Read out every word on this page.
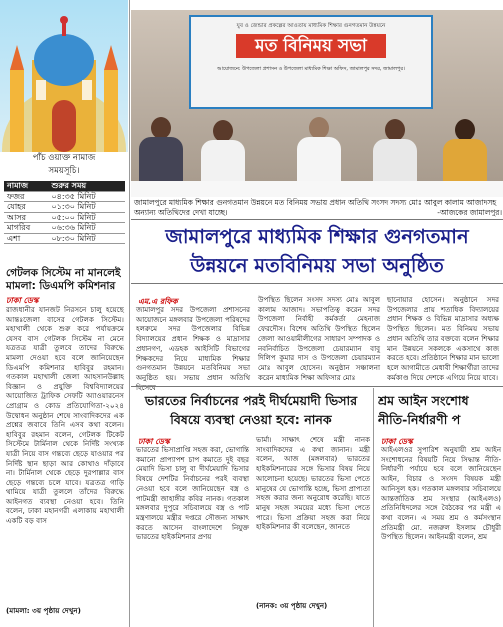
পাঁচ ওয়াক্ত নামাজ
সময়সূচি।
নামাজ	শুরুর সময়
ফজর	০৪:৩৫ মিনিট
যোহর	০১:৩০ মিনিট
আসর	০৫:০০ মিনিট
মাগরিব	০৬:৩৬ মিনিট
এশা	০৮:৩০ মিনিট
গেটলক সিস্টেম না মানলেই মামলা: ডিএমপি কমিশনার
ঢাকা ডেস্ক
রাজধানীর যানজট নিরসনে চালু হয়েছে আন্তঃজেলা বাসের গেটলক সিস্টেম। মহাখালী থেকে শুরু করে পর্যায়ক্রমে যেসব বাস গেটলক সিস্টেম না মেনে যত্রতত্র যাত্রী তুলবে তাদের বিরুদ্ধে মামলা দেওয়া হবে বলে জানিয়েছেন ডিএমপি কমিশনার হাবিবুর রহমান। গতকাল মহাখালী জেলা আহসানউল্লাহ বিজ্ঞান ও প্রযুক্তি বিশ্ববিদ্যালয়ের আয়োজিত ট্রাফিক সেফটি অ্যাওয়ারনেস প্রোগ্রাম ও কোড প্রতিযোগিতা-২০২৪ উদ্বোধন অনুষ্ঠান শেষে সাংবাদিকদের এক প্রশ্নের জবাবে তিনি এসব কথা বলেন। হাবিবুর রহমান বলেন, গেটলক টিকেট সিস্টেমে টার্মিনাল থেকে নির্দিষ্ট সংখ্যক যাত্রী নিয়ে বাস গন্তব্যে ছেড়ে যাওয়ার পর নির্দিষ্ট স্থান ছাড়া আর কোথাও দাঁড়াবে না। টার্মিনাল থেকে ছেড়ে দুরপাল্লার বাস ছেড়ে গন্তব্যে চলে যাবে। যত্রতত্র গাড়ি থামিয়ে যাত্রী তুললে তাঁদের বিরুদ্ধে আইনগত ব্যবস্থা নেওয়া হবে। তিনি বলেন, ঢাকা মহানগরী এলাকায় মহাখালী একটি বড় বাস
(মামলা: ৩য় পৃষ্ঠায় দেখুন)
যুব ও জেন্ডার প্রকল্পের আওতায় মাধ্যমিক শিক্ষার গুনগতমান উন্নয়নে
মত বিনিময় সভা
আয়োজনে: উপজেলা প্রশাসন ও উপজেলা মাধ্যমিক শিক্ষা অফিস, জামালপুর সদর, জামালপুর।
জামালপুরে মাধ্যমিক শিক্ষার গুনগতমান উন্নয়নে মত বিনিময় সভায় প্রধান অতিথি সংসদ সদস্য মোঃ আবুল কালাম আজাদসহ অন্যান্য অতিথিদের দেখা যাচ্ছে।	-আজকের জামালপুর।
জামালপুরে মাধ্যমিক শিক্ষার গুনগতমান
উন্নয়নে মতবিনিময় সভা অনুষ্ঠিত
এম.এ রফিক
জামালপুর সদর উপজেলা প্রশাসনের আয়োজনে মঙ্গলবার উপজেলা পরিষদের হলরুমে সদর উপজেলার বিভিন্ন বিদ্যালয়ের প্রধান শিক্ষক ও মাদ্রাসার প্রধানগণ, এডহক আইসিটি বিভাগের শিক্ষকদের নিয়ে মাধ্যমিক শিক্ষার গুনগতমান উন্নয়নে মতবিনিময় সভা অনুষ্ঠিত হয়। সভায় প্রধান অতিথি হিসেবে
উপস্থিত ছিলেন সংসদ সদস্য মোঃ আবুল কালাম আজাদ। সভাপতিত্ব করেন সদর উপজেলা নির্বাহী কর্মকর্তা মেহনাজ ফেরদৌস। বিশেষ অতিথি উপস্থিত ছিলেন জেলা আওয়ামীলীগের সাধারণ সম্পাদক ও নবনির্বাচিত উপজেলা চেয়ারম্যান বাবু দিলিপ কুমার দাস ও উপজেলা চেয়ারম্যান মোঃ আবুল হোসেন। অনুষ্ঠান সঞ্চালনা করেন মাধ্যমিক শিক্ষা অফিসার মোঃ
ছানোয়ার হোসেন। অনুষ্ঠানে সদর উপজেলার প্রায় শতাধিক বিদ্যালয়ের প্রধান শিক্ষক ও বিভিন্ন মাদ্রাসার অধ্যক্ষ উপস্থিত ছিলেন। মত বিনিময় সভায় প্রধান অতিথি তার বক্তব্যে বলেন শিক্ষার মান উন্নয়নে সকলকে একসাথে কাজ করতে হবে। প্রতিষ্ঠানে শিক্ষার মান ভালো হলে আগামীতে মেধাবী শিক্ষার্থীরা তাদের কর্মকাণ্ড দিয়ে দেশকে এগিয়ে নিয়ে যাবে।
ভারতের নির্বাচনের পরই দীর্ঘমেয়াদী ভিসার
বিষয়ে ব্যবস্থা নেওয়া হবে: নানক
ঢাকা ডেস্ক
ভারতের ভিসাপ্রাপ্তি সহজ করা, ভোগান্তি কমানো প্রাপ্যাপশ চাপ কমাতে দুই বছর মেয়াদি ভিসা চালু বা দীর্ঘমেয়াদি ভিসার বিষয়ে দেশটির নির্বাচনের পরই ব্যবস্থা নেওয়া হবে বলে জানিয়েছেন বস্ত্র ও পাটমন্ত্রী জাহাঙ্গীর কবির নানক। গতকাল মঙ্গলবার দুপুরে সচিবালয়ে বস্ত্র ও পাট মন্ত্রণালয়ে মন্ত্রীর দপ্তরে সৌজন্য সাক্ষাৎ করতে আসেন বাংলাদেশে নিযুক্ত ভারতের হাইকমিশনার প্রণয়
ভার্মা। সাক্ষাৎ শেষে মন্ত্রী নানক সাংবাদিকদের এ কথা জানান। মন্ত্রী বলেন, আজ (মঙ্গলবার) ভারতের হাইকমিশনারের সঙ্গে ভিসার বিষয় নিয়ে আলোচনা হয়েছে। ভারতের ভিসা পেতে মানুষের যে ভোগান্তি হচ্ছে, ভিসা প্রাপ্যতা সহজ করার জন্য অনুরোধ করেছি। যাতে মানুষ সহজ সময়ের মধ্যে ভিসা পেতে পারে। ভিসা প্রক্রিয়া সহজ করা নিয়ে হাইকমিশনার কী বলেছেন, জানতে
(নানক: ৩য় পৃষ্ঠায় দেখুন)
শ্রম আইন সংশোধ
নীতি-নির্ধারণী প
ঢাকা ডেস্ক
আইএলওর সুপারিশ অনুযায়ী শ্রম আইন সংশোধনের বিষয়টি নিয়ে সিদ্ধান্ত নীতি-নির্ধারণী পর্যায়ে হবে বলে জানিয়েছেন আইন, বিচার ও সংসদ বিষয়ক মন্ত্রী আনিসুল হক। গতকাল মঙ্গলবার সচিবালয়ে আন্তর্জাতিক শ্রম সংস্থার (আইএলও) প্রতিনিধিদলের সঙ্গে বৈঠকের পর মন্ত্রী এ কথা বলেন। এ সময় শ্রম ও কর্মসংস্থান প্রতিমন্ত্রী মো. নজরুল ইসলাম চৌধুরী উপস্থিত ছিলেন। আইনমন্ত্রী বলেন, শ্রম
